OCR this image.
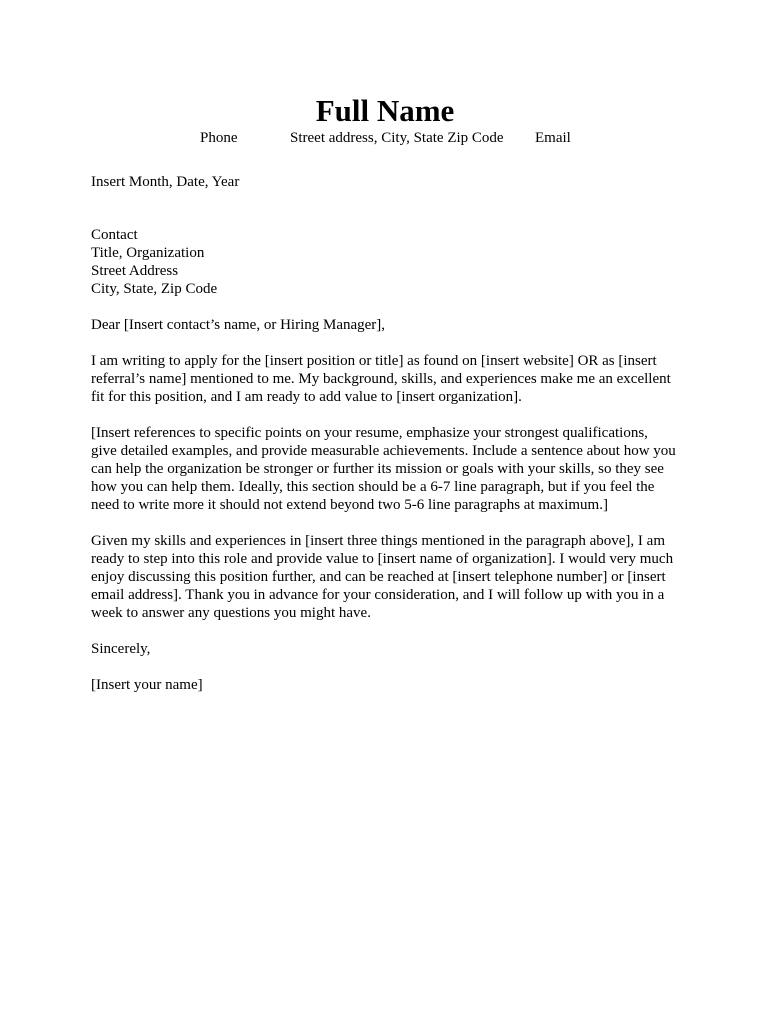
Full Name
Phone	Street address, City, State Zip Code Email

Insert Month, Date, Year

Contact
Title, Organization
Street Address
City, State, Zip Code

Dear [Insert contact’s name, or Hiring Manager],

I am writing to apply for the [insert position or title] as found on [insert website] OR as [insert
referral’s name] mentioned to me. My background, skills, and experiences make me an excellent
fit for this position, and I am ready to add value to [insert organization].
[Insert references to specific points on your resume, emphasize your strongest qualifications,
give detailed examples, and provide measurable achievements. Include a sentence about how you
can help the organization be stronger or further its mission or goals with your skills, so they see
how you can help them. Ideally, this section should be a 6-7 line paragraph, but if you feel the
need to write more it should not extend beyond two 5-6 line paragraphs at maximum.]
Given my skills and experiences in [insert three things mentioned in the paragraph above], I am
ready to step into this role and provide value to [insert name of organization]. I would very much
enjoy discussing this position further, and can be reached at [insert telephone number] or [insert
email address]. Thank you in advance for your consideration, and I will follow up with you in a
week to answer any questions you might have.

Sincerely,

[Insert your name]
